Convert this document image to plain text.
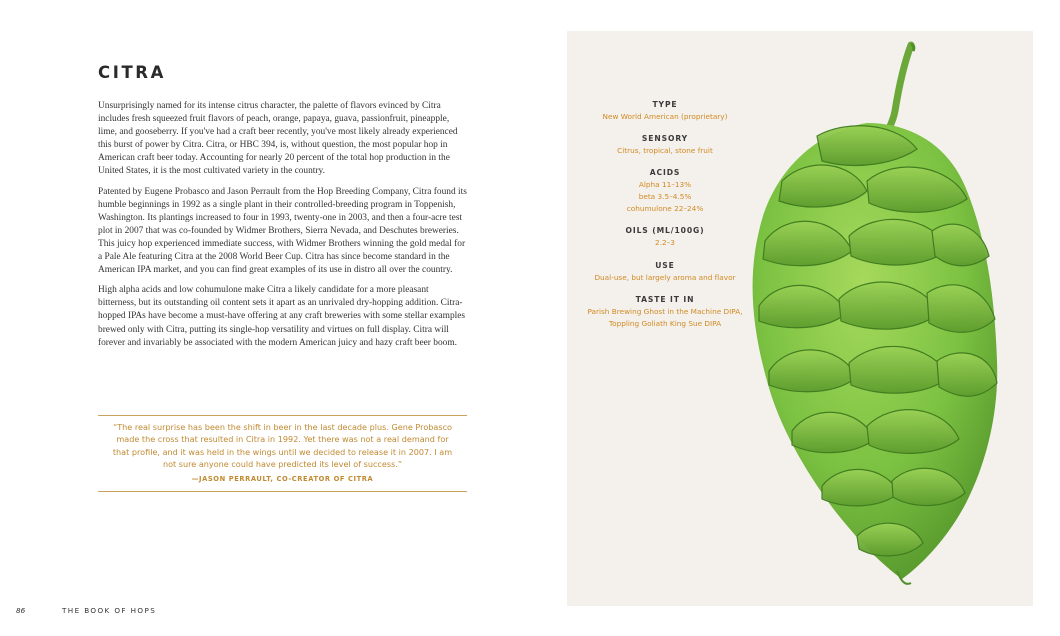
CITRA

Unsurprisingly named for its intense citrus character, the palette of flavors evinced by Citra includes fresh squeezed fruit flavors of peach, orange, papaya, guava, passionfruit, pineapple, lime, and gooseberry. If you've had a craft beer recently, you've most likely already experienced this burst of power by Citra. Citra, or HBC 394, is, without question, the most popular hop in American craft beer today. Accounting for nearly 20 percent of the total hop production in the United States, it is the most cultivated variety in the country.

Patented by Eugene Probasco and Jason Perrault from the Hop Breeding Company, Citra found its humble beginnings in 1992 as a single plant in their controlled-breeding program in Toppenish, Washington. Its plantings increased to four in 1993, twenty-one in 2003, and then a four-acre test plot in 2007 that was co-founded by Widmer Brothers, Sierra Nevada, and Deschutes breweries. This juicy hop experienced immediate success, with Widmer Brothers winning the gold medal for a Pale Ale featuring Citra at the 2008 World Beer Cup. Citra has since become standard in the American IPA market, and you can find great examples of its use in distro all over the country.

High alpha acids and low cohumulone make Citra a likely candidate for a more pleasant bitterness, but its outstanding oil content sets it apart as an unrivaled dry-hopping addition. Citra-hopped IPAs have become a must-have offering at any craft breweries with some stellar examples brewed only with Citra, putting its single-hop versatility and virtues on full display. Citra will forever and invariably be associated with the modern American juicy and hazy craft beer boom.

“The real surprise has been the shift in beer in the last decade plus. Gene Probasco made the cross that resulted in Citra in 1992. Yet there was not a real demand for that profile, and it was held in the wings until we decided to release it in 2007. I am not sure anyone could have predicted its level of success.”
—JASON PERRAULT, CO-CREATOR OF CITRA
86	THE BOOK OF HOPS
TYPE
New World American (proprietary)
SENSORY
Citrus, tropical, stone fruit
ACIDS
Alpha 11–13%
beta 3.5–4.5%
cohumulone 22–24%
OILS (ML/100G)
2.2–3
USE
Dual-use, but largely aroma and flavor
TASTE IT IN
Parish Brewing Ghost in the Machine DIPA, Toppling Goliath King Sue DIPA
